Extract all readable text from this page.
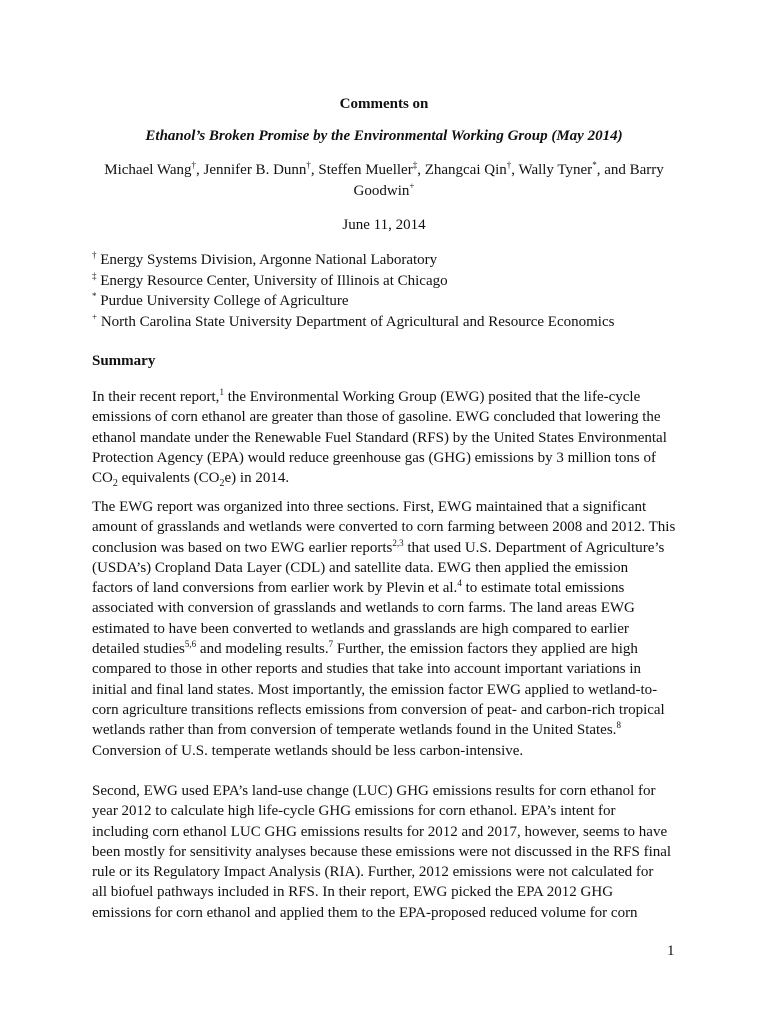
Comments on
Ethanol’s Broken Promise by the Environmental Working Group (May 2014)
Michael Wang†, Jennifer B. Dunn†, Steffen Mueller‡, Zhangcai Qin†, Wally Tyner*, and Barry
Goodwin+
June 11, 2014

† Energy Systems Division, Argonne National Laboratory

‡ Energy Resource Center, University of Illinois at Chicago

* Purdue University College of Agriculture

+ North Carolina State University Department of Agricultural and Resource Economics

Summary
In their recent report,$^1$ the Environmental Working Group (EWG) posited that the life-cycle
emissions of corn ethanol are greater than those of gasoline. EWG concluded that lowering the
ethanol mandate under the Renewable Fuel Standard (RFS) by the United States Environmental
Protection Agency (EPA) would reduce greenhouse gas (GHG) emissions by 3 million tons of
$CO_2$ equivalents $(CO_2e)$ in 2014.
The EWG report was organized into three sections. First, EWG maintained that a significant
amount of grasslands and wetlands were converted to corn farming between 2008 and 2012. This
conclusion was based on two EWG earlier reports$^{2,3}$ that used U.S. Department of Agriculture’s
(USDA’s) Cropland Data Layer (CDL) and satellite data. EWG then applied the emission
factors of land conversions from earlier work by Plevin et al.$^4$ to estimate total emissions
associated with conversion of grasslands and wetlands to corn farms. The land areas EWG
estimated to have been converted to wetlands and grasslands are high compared to earlier
detailed studies$^{5,6}$ and modeling results.$^7$ Further, the emission factors they applied are high
compared to those in other reports and studies that take into account important variations in
initial and final land states. Most importantly, the emission factor EWG applied to wetland-to-
corn agriculture transitions reflects emissions from conversion of peat- and carbon-rich tropical
wetlands rather than from conversion of temperate wetlands found in the United States.$^8$
Conversion of U.S. temperate wetlands should be less carbon-intensive.
Second, EWG used EPA’s land-use change (LUC) GHG emissions results for corn ethanol for
year 2012 to calculate high life-cycle GHG emissions for corn ethanol. EPA’s intent for
including corn ethanol LUC GHG emissions results for 2012 and 2017, however, seems to have
been mostly for sensitivity analyses because these emissions were not discussed in the RFS final
rule or its Regulatory Impact Analysis (RIA). Further, 2012 emissions were not calculated for
all biofuel pathways included in RFS. In their report, EWG picked the EPA 2012 GHG
emissions for corn ethanol and applied them to the EPA-proposed reduced volume for corn
1
